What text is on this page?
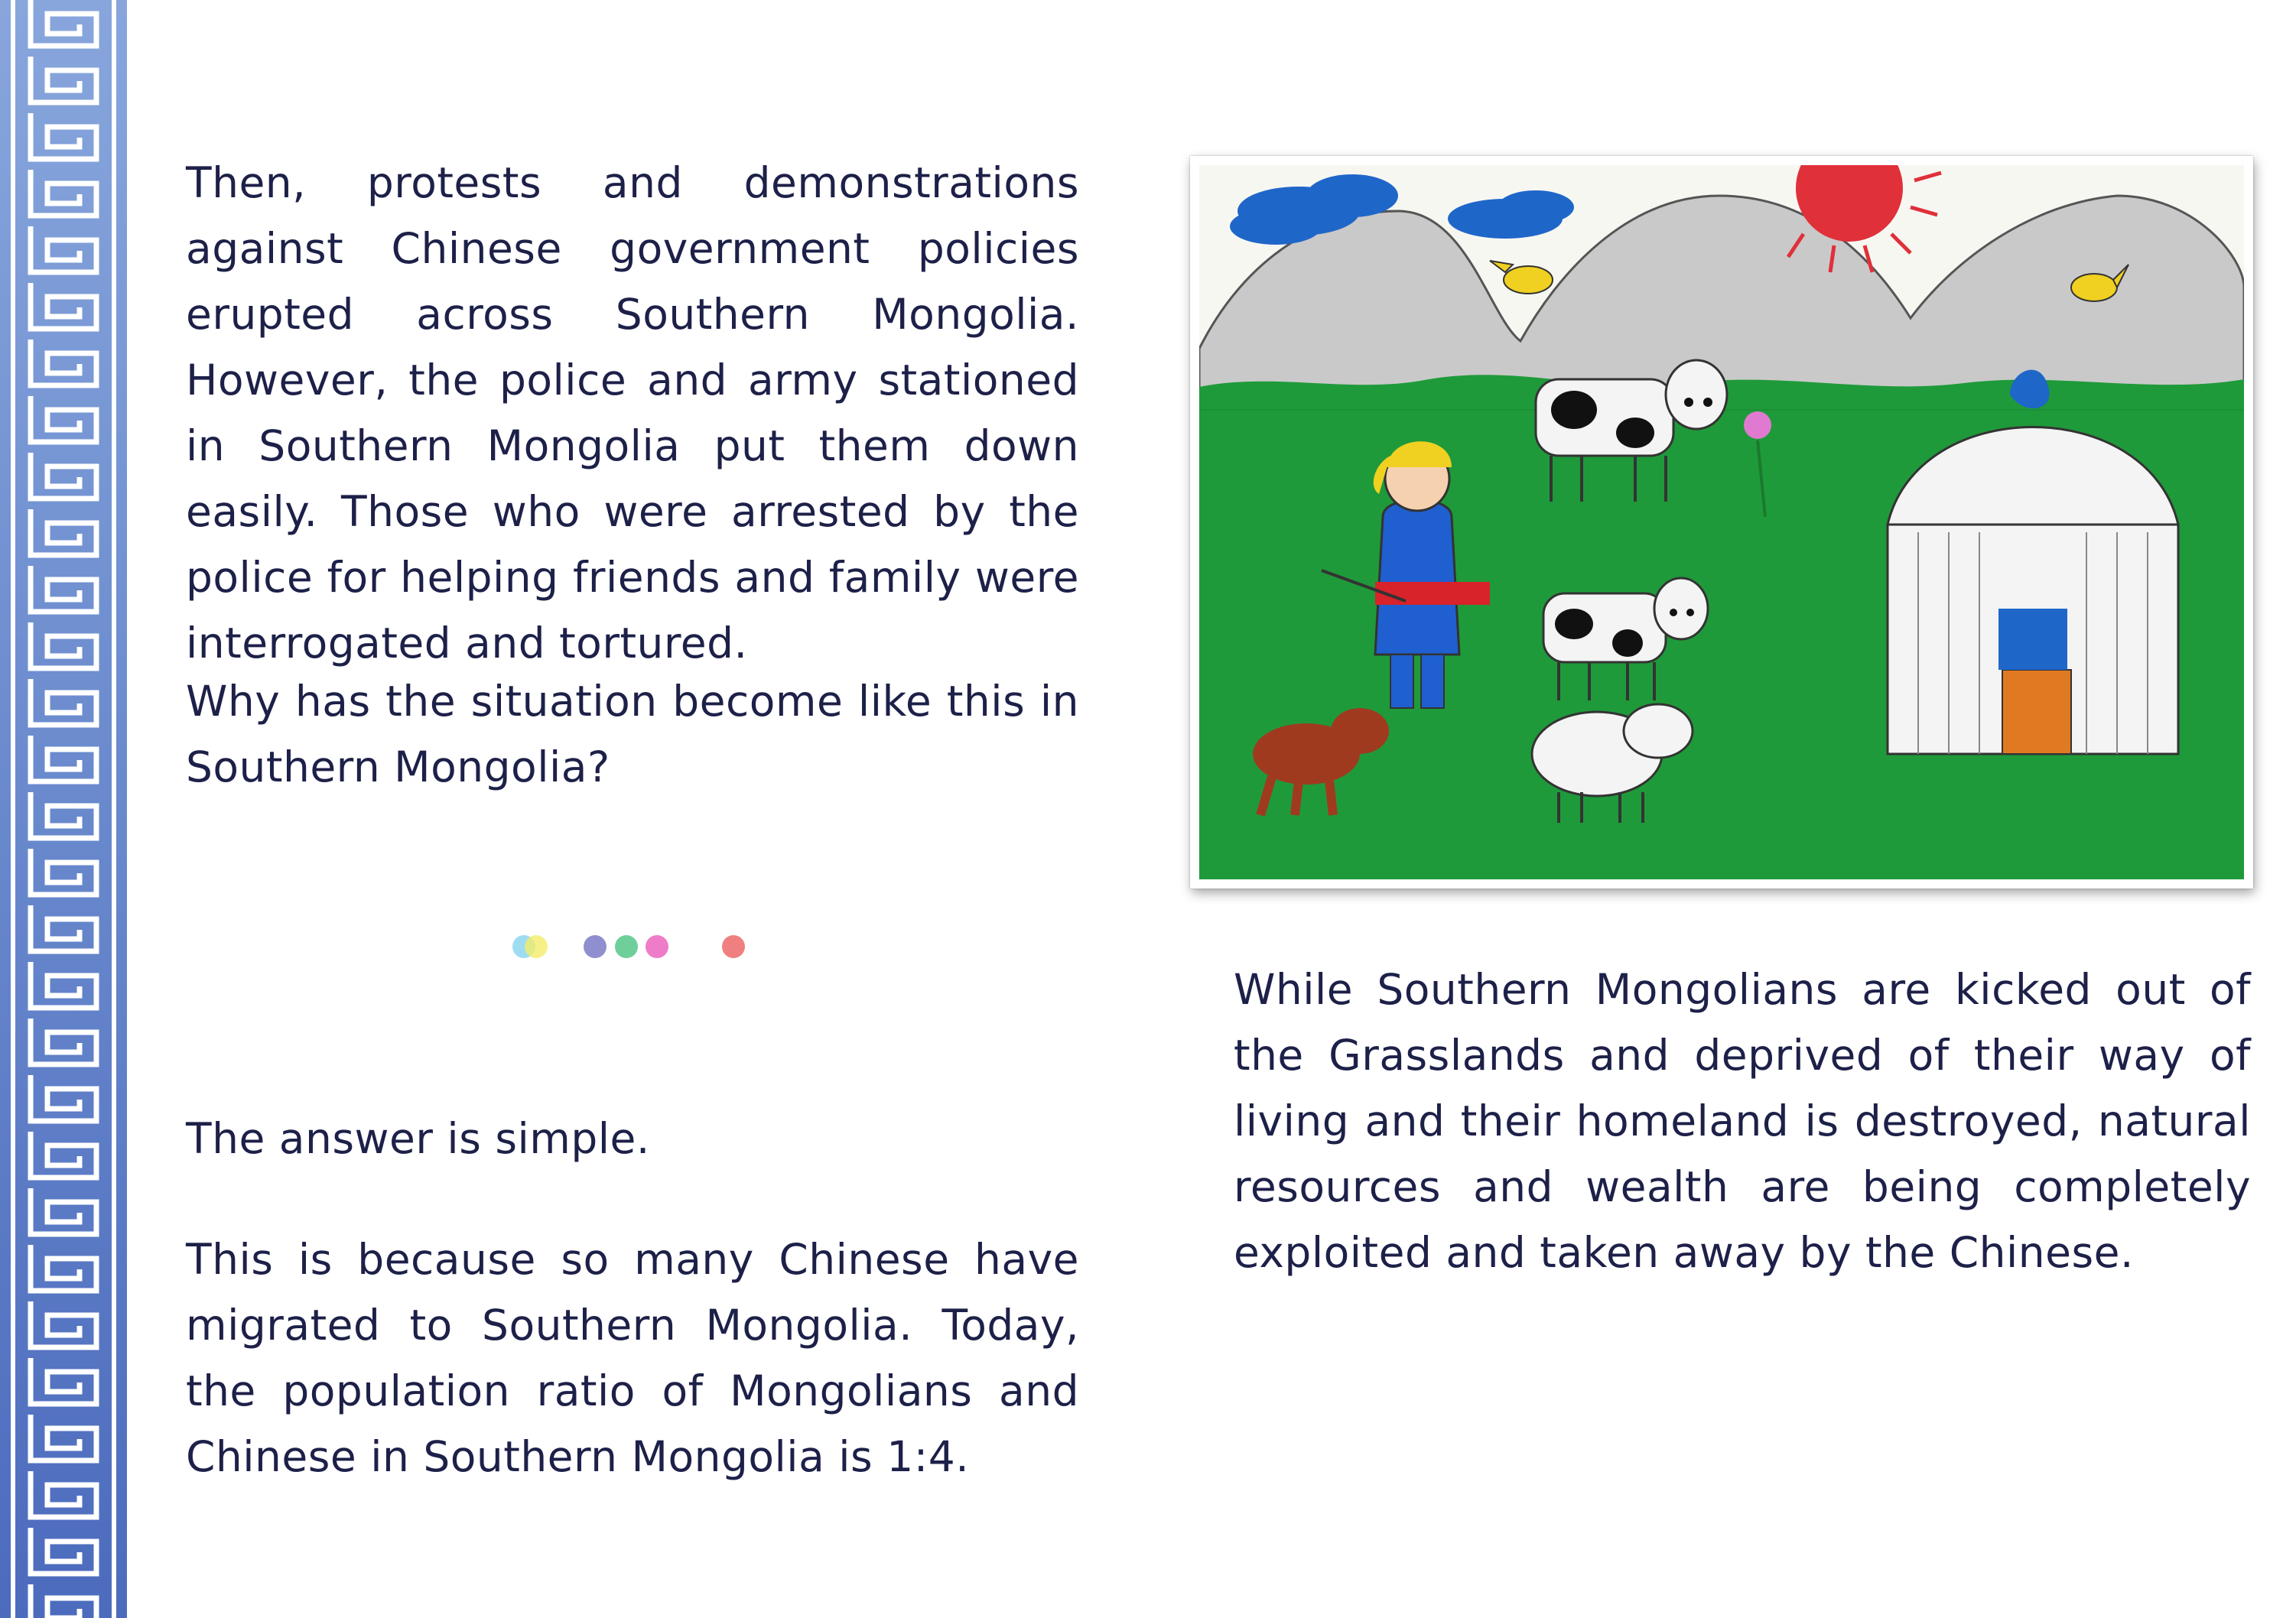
Then, protests and demonstrations against Chinese government policies erupted across Southern Mongolia. However, the police and army stationed in Southern Mongolia put them down easily. Those who were arrested by the police for helping friends and family were interrogated and tortured.

Why has the situation become like this in Southern Mongolia?

The answer is simple.

This is because so many Chinese have migrated to Southern Mongolia. Today, the population ratio of Mongolians and Chinese in Southern Mongolia is 1:4.

While Southern Mongolians are kicked out of the Grasslands and deprived of their way of living and their homeland is destroyed, natural resources and wealth are being completely exploited and taken away by the Chinese.
